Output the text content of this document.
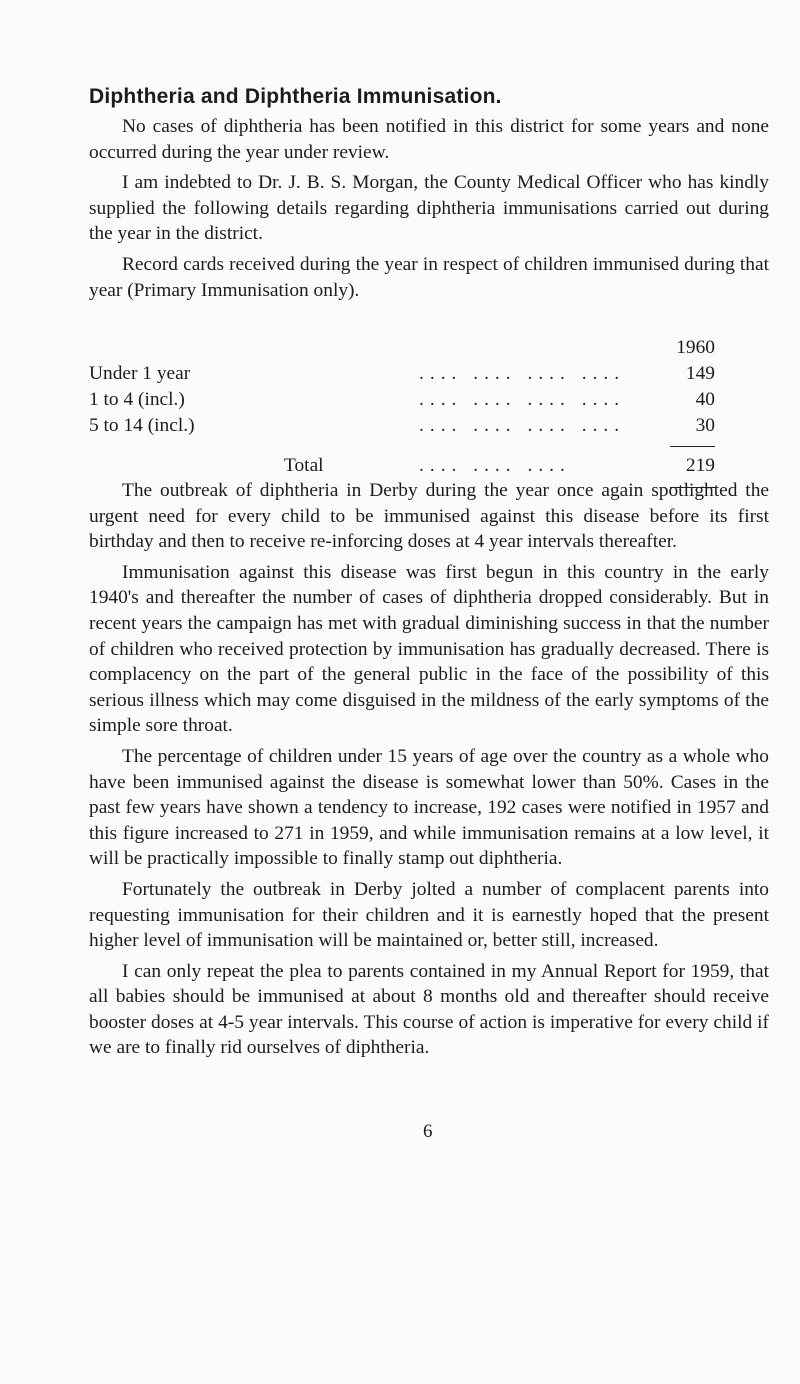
Diphtheria and Diphtheria Immunisation.

No cases of diphtheria has been notified in this district for some years and none occurred during the year under review.

I am indebted to Dr. J. B. S. Morgan, the County Medical Officer who has kindly supplied the following details regarding diphtheria immunisations carried out during the year in the district.

Record cards received during the year in respect of children immunised during that year (Primary Immunisation only).

1960
Under 1 year	.... .... .... ....	149
1 to 4 (incl.)	.... .... .... ....	40
5 to 14 (incl.)	.... .... .... ....	30
Total	.... .... ....	219

The outbreak of diphtheria in Derby during the year once again spotlighted the urgent need for every child to be immunised against this disease before its first birthday and then to receive re-inforcing doses at 4 year intervals thereafter.

Immunisation against this disease was first begun in this country in the early 1940's and thereafter the number of cases of diphtheria dropped considerably. But in recent years the campaign has met with gradual diminishing success in that the number of children who received protection by immunisation has gradually decreased. There is complacency on the part of the general public in the face of the possibility of this serious illness which may come disguised in the mildness of the early symptoms of the simple sore throat.

The percentage of children under 15 years of age over the country as a whole who have been immunised against the disease is somewhat lower than 50%. Cases in the past few years have shown a tendency to increase, 192 cases were notified in 1957 and this figure increased to 271 in 1959, and while immunisation remains at a low level, it will be practically impossible to finally stamp out diphtheria.

Fortunately the outbreak in Derby jolted a number of complacent parents into requesting immunisation for their children and it is earnestly hoped that the present higher level of immunisation will be maintained or, better still, increased.

I can only repeat the plea to parents contained in my Annual Report for 1959, that all babies should be immunised at about 8 months old and thereafter should receive booster doses at 4-5 year intervals. This course of action is imperative for every child if we are to finally rid ourselves of diphtheria.

6
